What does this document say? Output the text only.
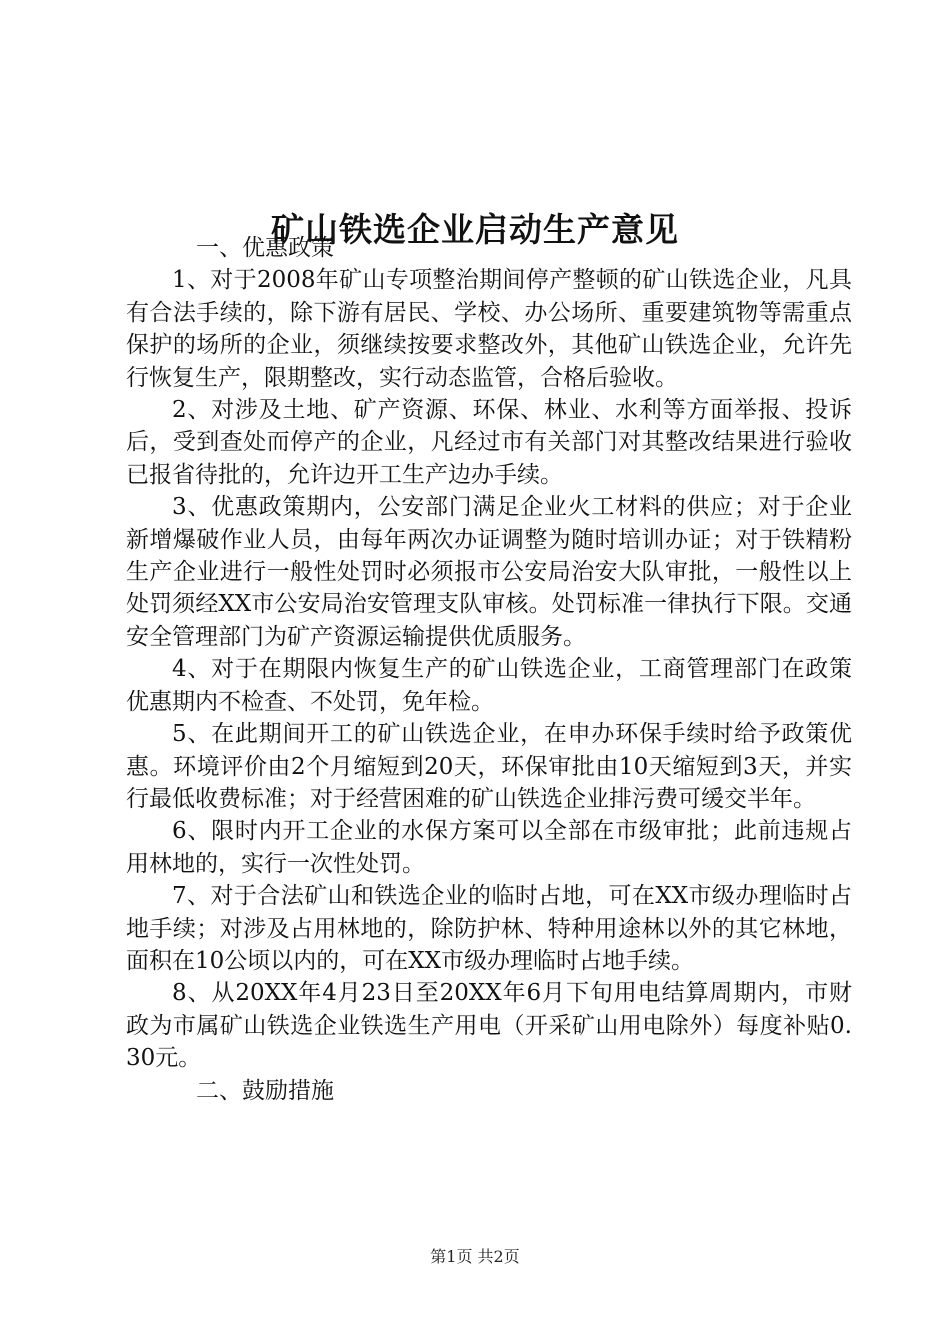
矿山铁选企业启动生产意见

一、优惠政策

1、对于2008年矿山专项整治期间停产整顿的矿山铁选企业，凡具有合法手续的，除下游有居民、学校、办公场所、重要建筑物等需重点保护的场所的企业，须继续按要求整改外，其他矿山铁选企业，允许先行恢复生产，限期整改，实行动态监管，合格后验收。

2、对涉及土地、矿产资源、环保、林业、水利等方面举报、投诉后，受到查处而停产的企业，凡经过市有关部门对其整改结果进行验收已报省待批的，允许边开工生产边办手续。

3、优惠政策期内，公安部门满足企业火工材料的供应；对于企业新增爆破作业人员，由每年两次办证调整为随时培训办证；对于铁精粉生产企业进行一般性处罚时必须报市公安局治安大队审批，一般性以上处罚须经XX市公安局治安管理支队审核。处罚标准一律执行下限。交通安全管理部门为矿产资源运输提供优质服务。

4、对于在期限内恢复生产的矿山铁选企业，工商管理部门在政策优惠期内不检查、不处罚，免年检。

5、在此期间开工的矿山铁选企业，在申办环保手续时给予政策优惠。环境评价由2个月缩短到20天，环保审批由10天缩短到3天，并实行最低收费标准；对于经营困难的矿山铁选企业排污费可缓交半年。

6、限时内开工企业的水保方案可以全部在市级审批；此前违规占用林地的，实行一次性处罚。

7、对于合法矿山和铁选企业的临时占地，可在XX市级办理临时占地手续；对涉及占用林地的，除防护林、特种用途林以外的其它林地，面积在10公顷以内的，可在XX市级办理临时占地手续。

8、从20XX年4月23日至20XX年6月下旬用电结算周期内，市财政为市属矿山铁选企业铁选生产用电（开采矿山用电除外）每度补贴0.30元。

二、鼓励措施

第1页 共2页
